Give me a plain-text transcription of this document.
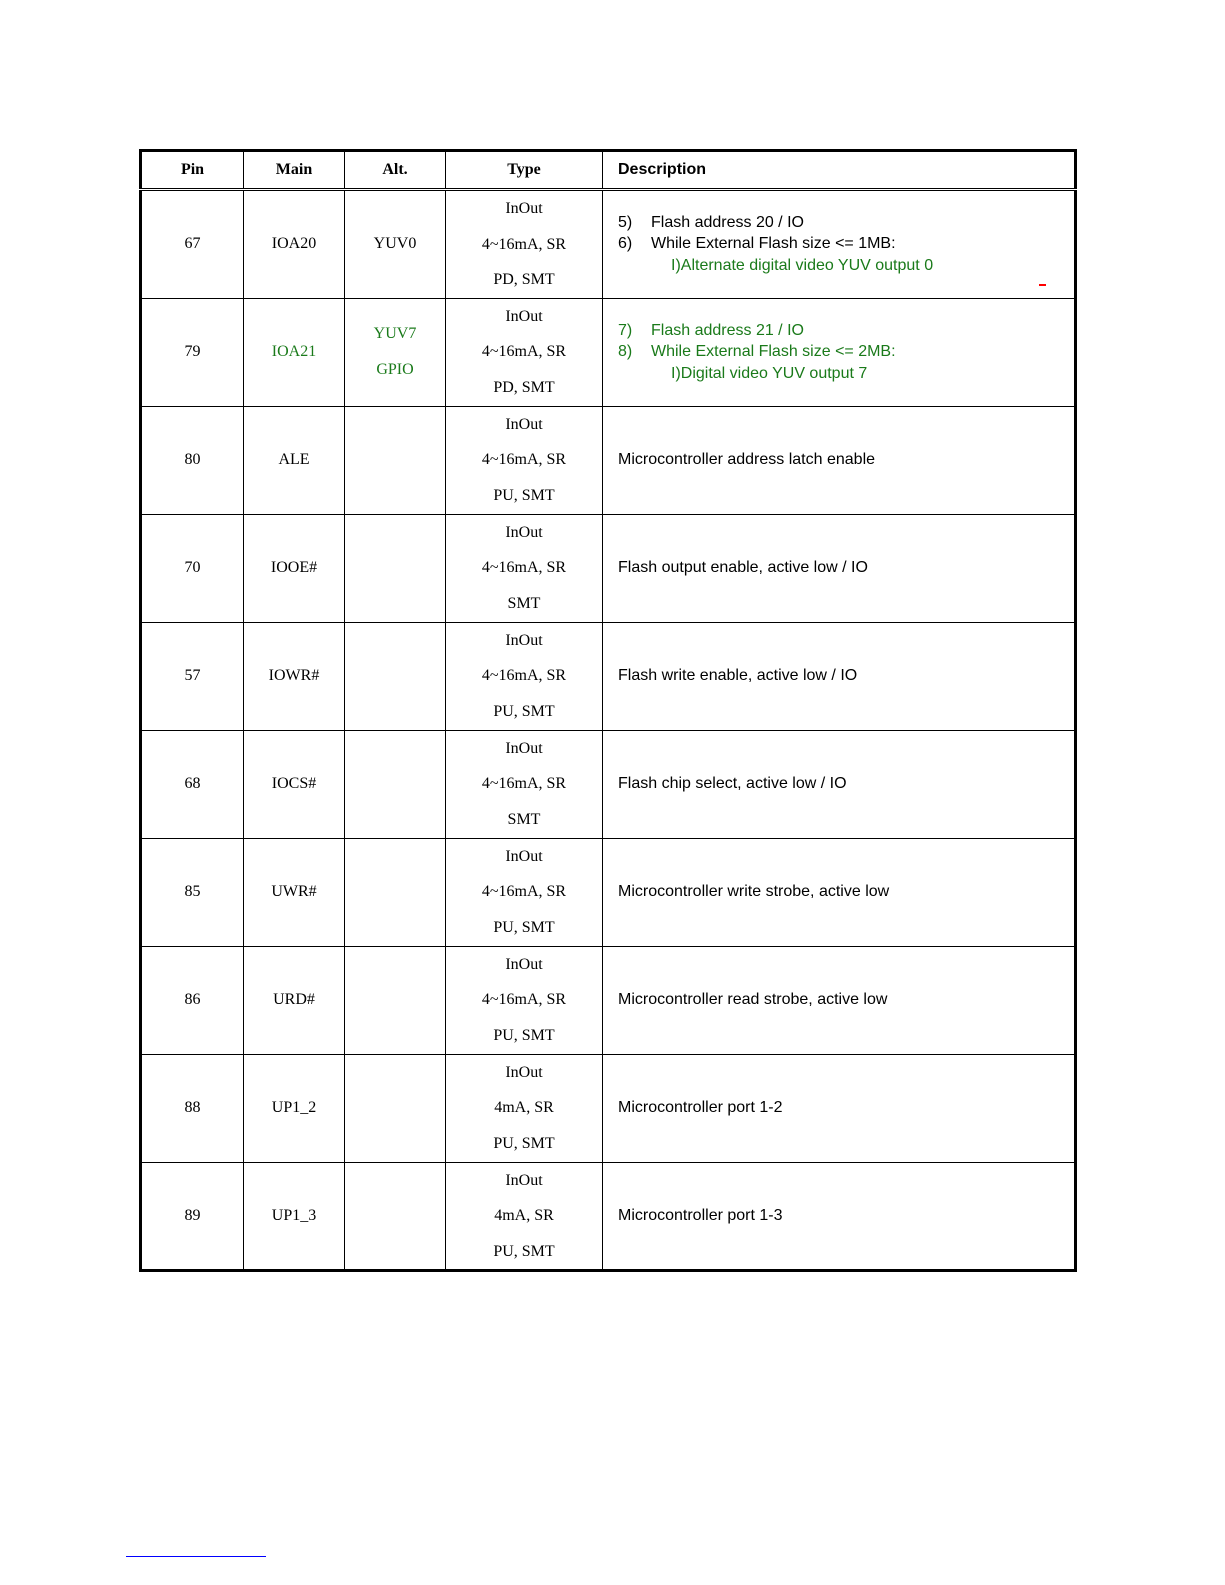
Pin	Main	Alt.	Type	Description
67	IOA20	YUV0	InOut
4~16mA, SR
PD, SMT	5) Flash address 20 / IO
6) While External Flash size <= 1MB:
I)Alternate digital video YUV output 0

79	IOA21	YUV7
GPIO	InOut
4~16mA, SR
PD, SMT	7) Flash address 21 / IO
8) While External Flash size <= 2MB:
I)Digital video YUV output 7

80	ALE		InOut
4~16mA, SR
PU, SMT	Microcontroller address latch enable
70	IOOE#		InOut
4~16mA, SR
SMT	Flash output enable, active low / IO
57	IOWR#		InOut
4~16mA, SR
PU, SMT	Flash write enable, active low / IO
68	IOCS#		InOut
4~16mA, SR
SMT	Flash chip select, active low / IO
85	UWR#		InOut
4~16mA, SR
PU, SMT	Microcontroller write strobe, active low
86	URD#		InOut
4~16mA, SR
PU, SMT	Microcontroller read strobe, active low
88	UP1_2		InOut
4mA, SR
PU, SMT	Microcontroller port 1-2
89	UP1_3		InOut
4mA, SR
PU, SMT	Microcontroller port 1-3
